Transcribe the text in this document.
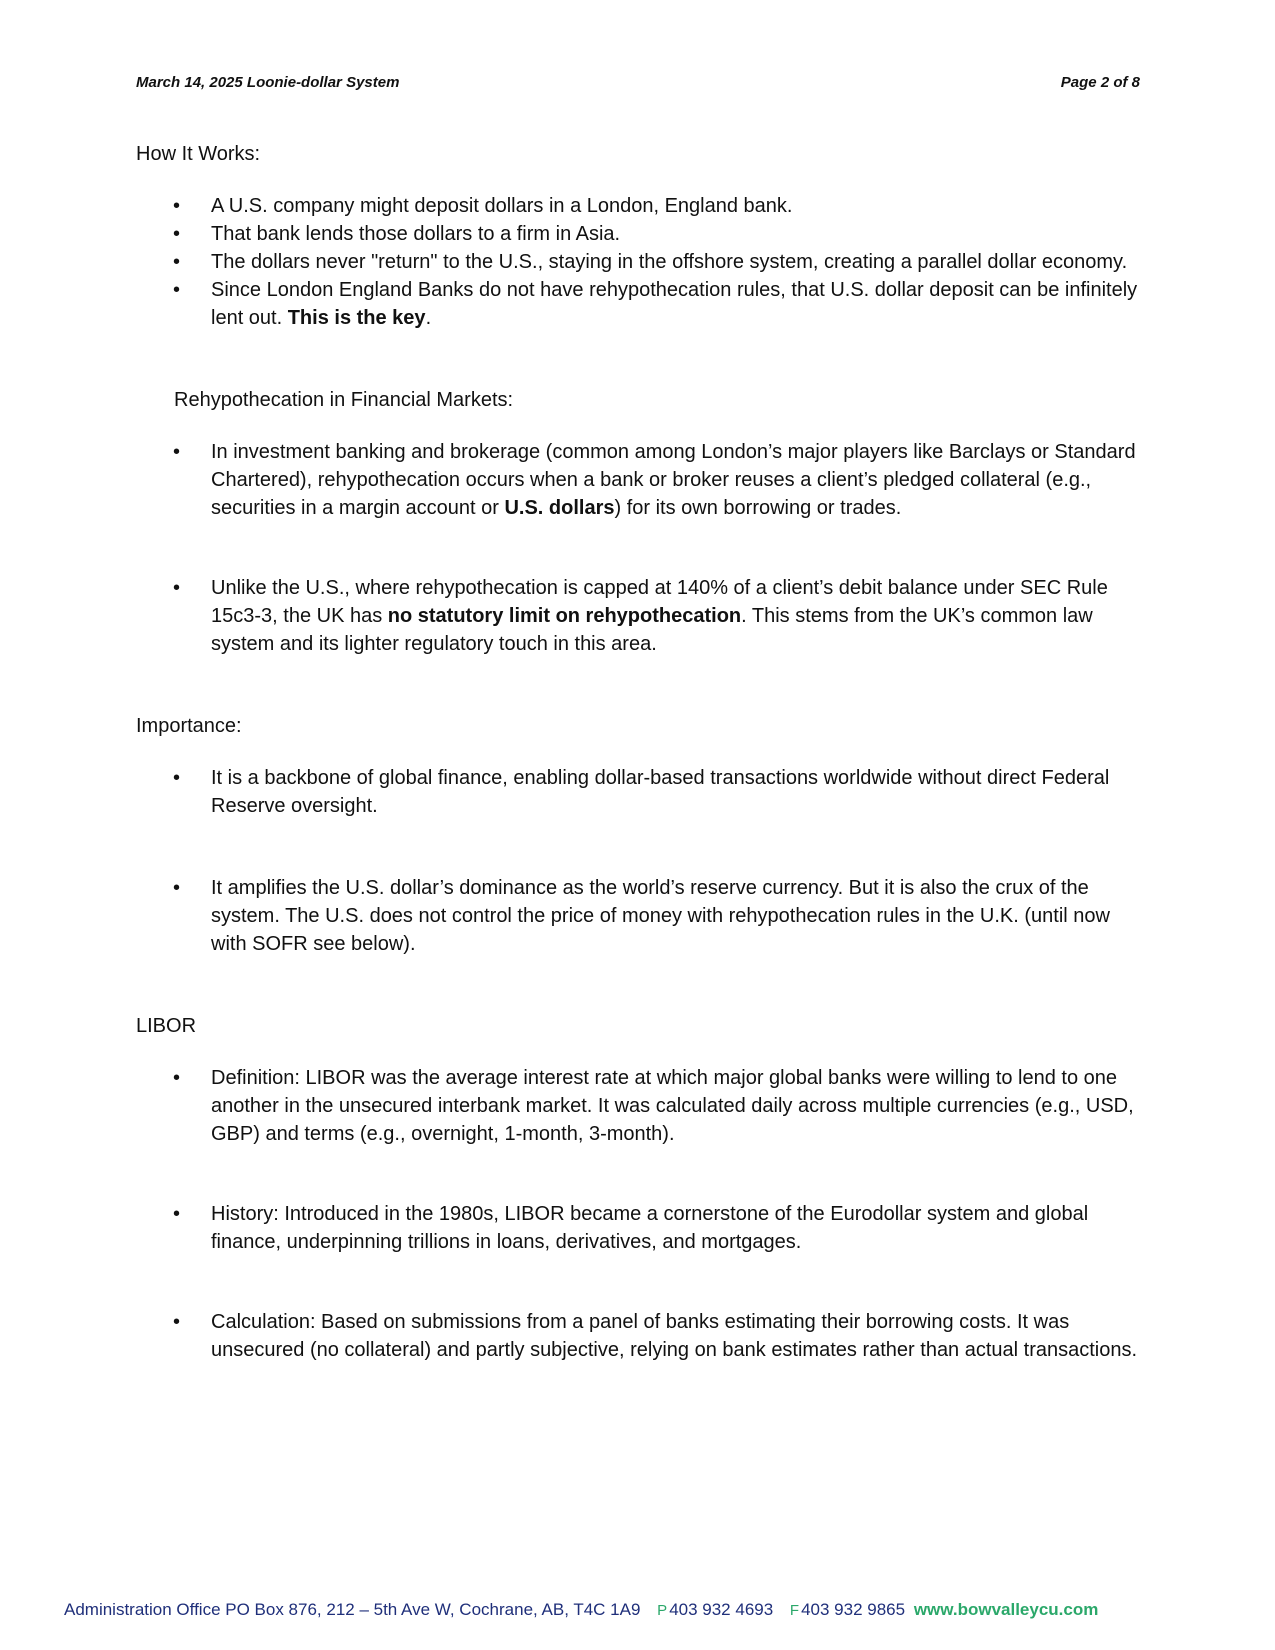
March 14, 2025 Loonie-dollar System	Page 2 of 8

How It Works:

• A U.S. company might deposit dollars in a London, England bank.
• That bank lends those dollars to a firm in Asia.
• The dollars never "return" to the U.S., staying in the offshore system, creating a parallel dollar economy.
• Since London England Banks do not have rehypothecation rules, that U.S. dollar deposit can be infinitely lent out. This is the key.

Rehypothecation in Financial Markets:

• In investment banking and brokerage (common among London’s major players like Barclays or Standard Chartered), rehypothecation occurs when a bank or broker reuses a client’s pledged collateral (e.g., securities in a margin account or U.S. dollars) for its own borrowing or trades.
• Unlike the U.S., where rehypothecation is capped at 140% of a client’s debit balance under SEC Rule 15c3-3, the UK has no statutory limit on rehypothecation. This stems from the UK’s common law system and its lighter regulatory touch in this area.

Importance:

• It is a backbone of global finance, enabling dollar-based transactions worldwide without direct Federal Reserve oversight.
• It amplifies the U.S. dollar’s dominance as the world’s reserve currency. But it is also the crux of the system. The U.S. does not control the price of money with rehypothecation rules in the U.K. (until now with SOFR see below).

LIBOR

• Definition: LIBOR was the average interest rate at which major global banks were willing to lend to one another in the unsecured interbank market. It was calculated daily across multiple currencies (e.g., USD, GBP) and terms (e.g., overnight, 1-month, 3-month).
• History: Introduced in the 1980s, LIBOR became a cornerstone of the Eurodollar system and global finance, underpinning trillions in loans, derivatives, and mortgages.
• Calculation: Based on submissions from a panel of banks estimating their borrowing costs. It was unsecured (no collateral) and partly subjective, relying on bank estimates rather than actual transactions.
Administration Office PO Box 876, 212 – 5th Ave W, Cochrane, AB, T4C 1A9 P 403 932 4693 F 403 932 9865 www.bowvalleycu.com
